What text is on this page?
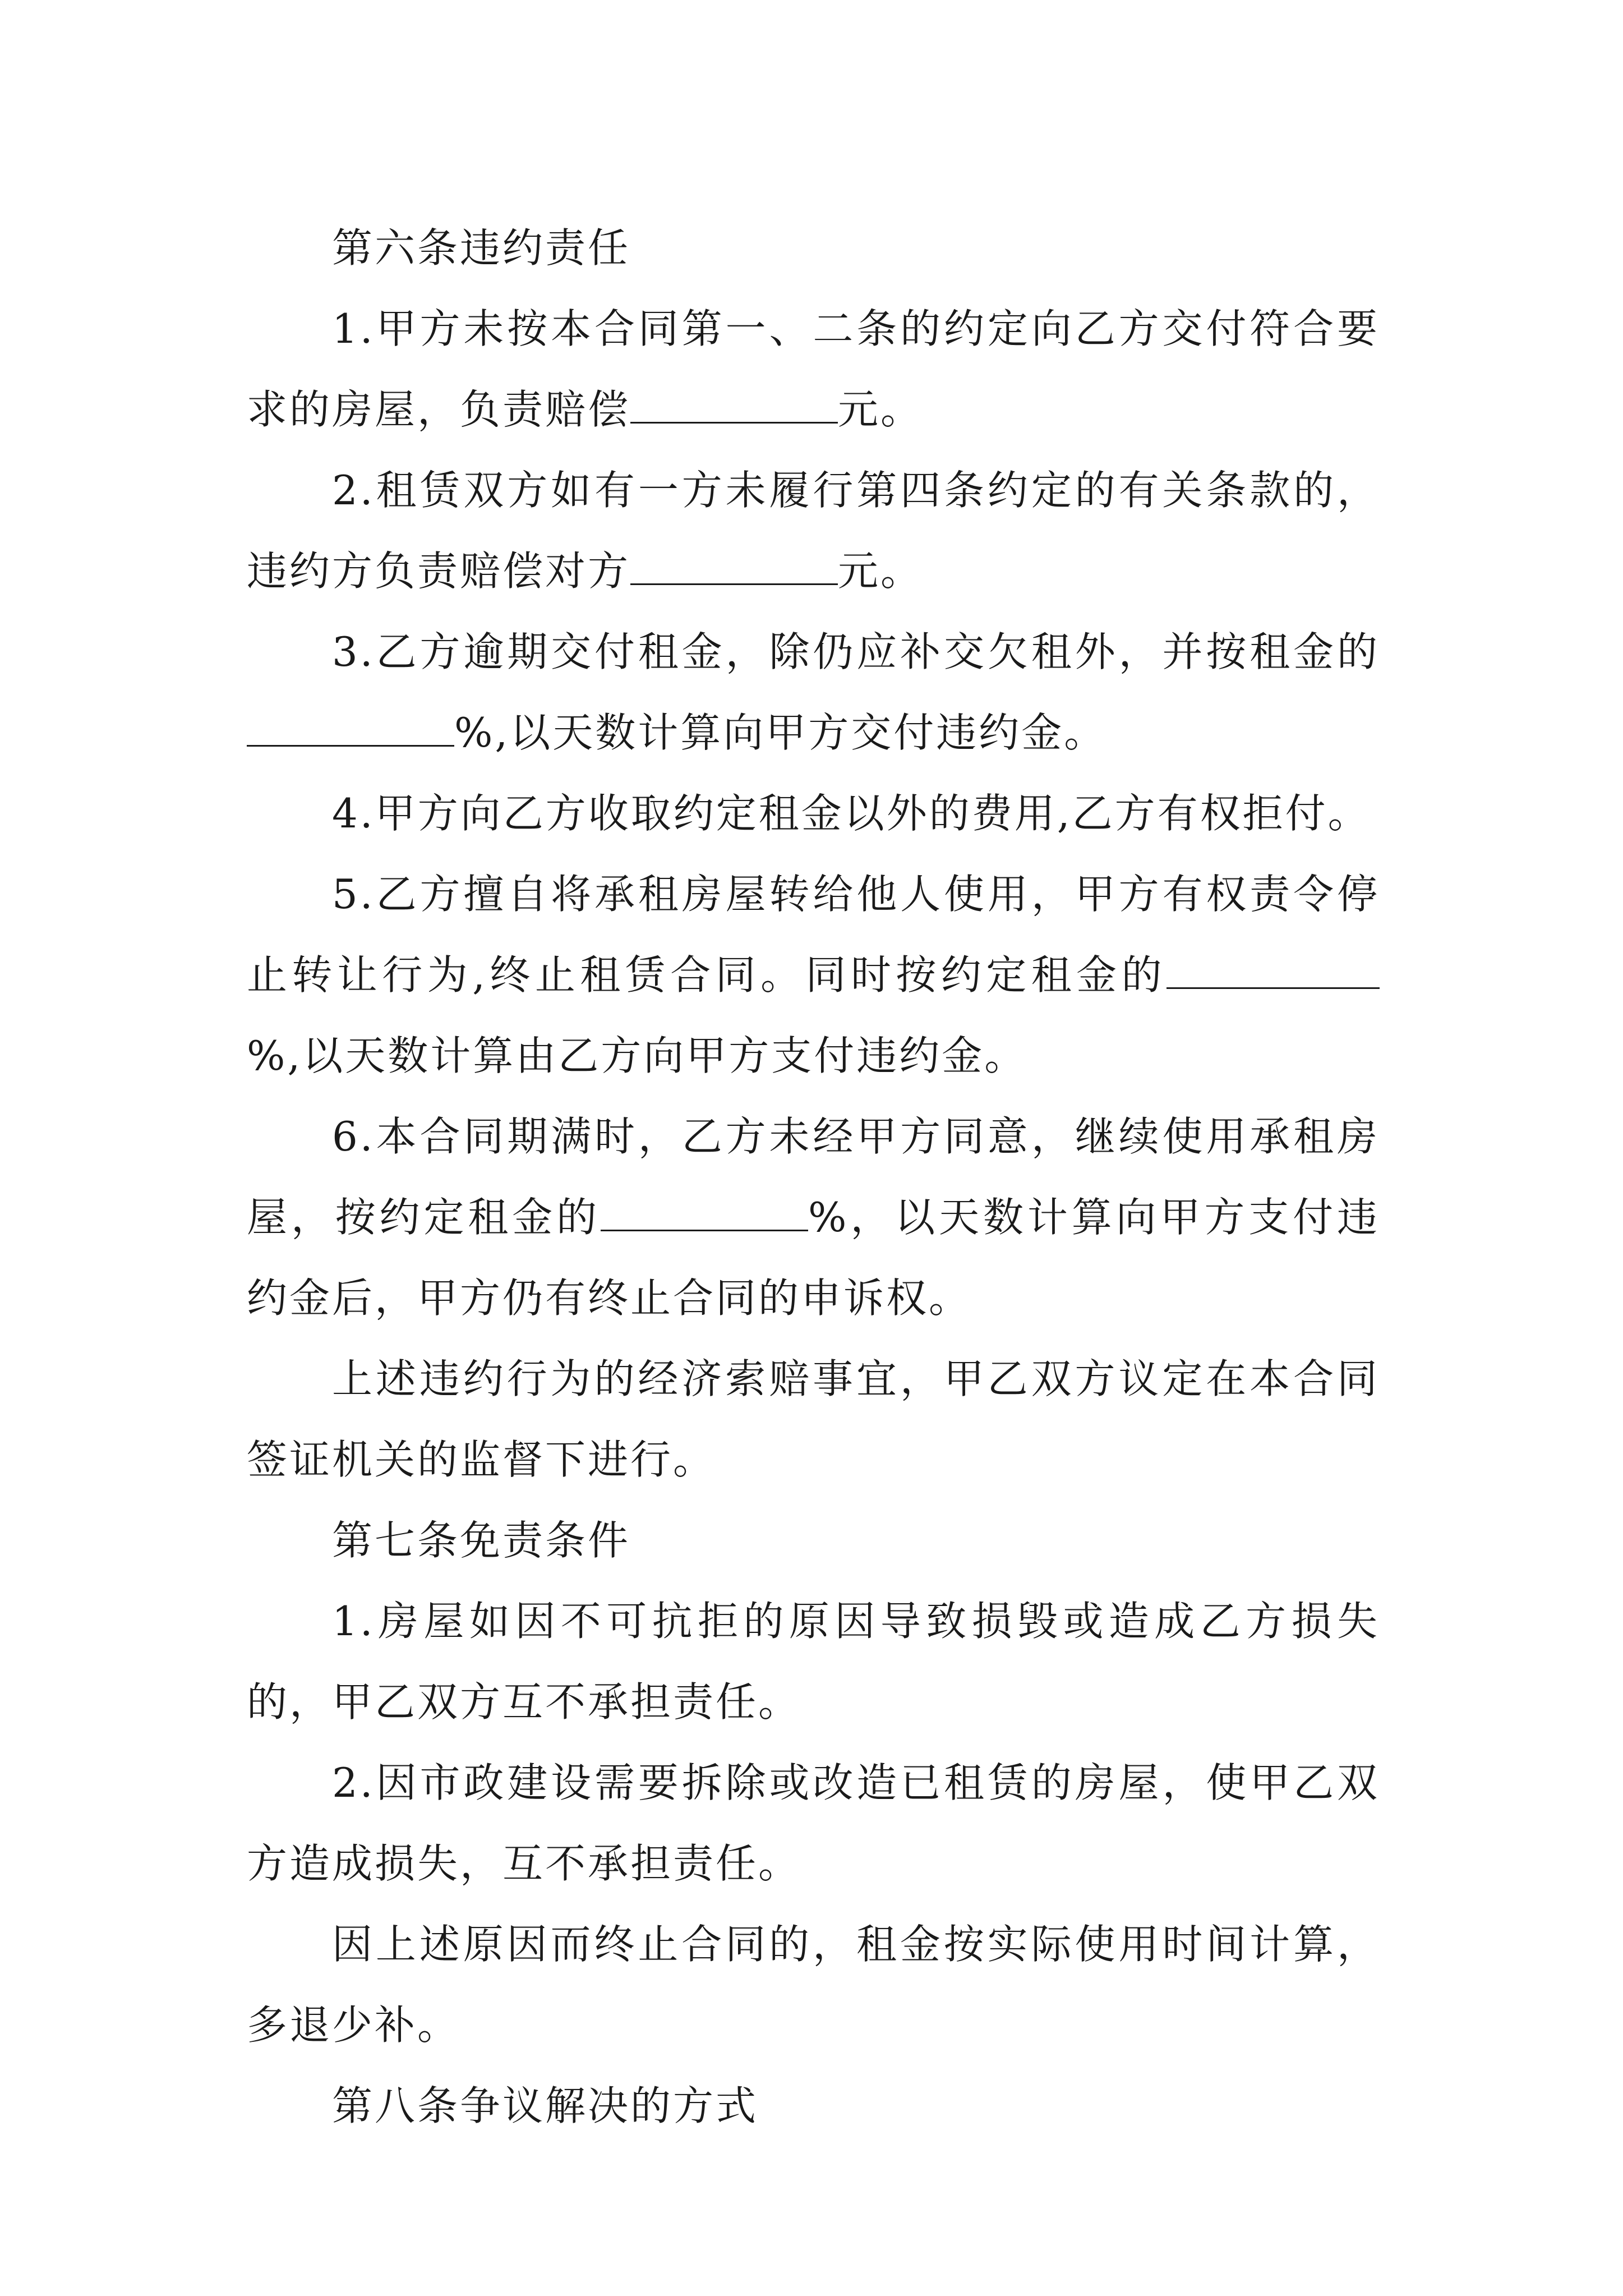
第六条违约责任

1.甲方未按本合同第一、二条的约定向乙方交付符合要求的房屋，负责赔偿	元。

2.租赁双方如有一方未履行第四条约定的有关条款的，违约方负责赔偿对方	元。

3.乙方逾期交付租金，除仍应补交欠租外，并按租金的%,以天数计算向甲方交付违约金。

4.甲方向乙方收取约定租金以外的费用,乙方有权拒付。

5.乙方擅自将承租房屋转给他人使用，甲方有权责令停止转让行为,终止租赁合同。同时按约定租金的%,以天数计算由乙方向甲方支付违约金。

6.本合同期满时，乙方未经甲方同意，继续使用承租房屋，按约定租金的	%，以天数计算向甲方支付违约金后，甲方仍有终止合同的申诉权。

上述违约行为的经济索赔事宜，甲乙双方议定在本合同签证机关的监督下进行。

第七条免责条件

1.房屋如因不可抗拒的原因导致损毁或造成乙方损失的，甲乙双方互不承担责任。

2.因市政建设需要拆除或改造已租赁的房屋，使甲乙双方造成损失，互不承担责任。

因上述原因而终止合同的，租金按实际使用时间计算，多退少补。

第八条争议解决的方式
